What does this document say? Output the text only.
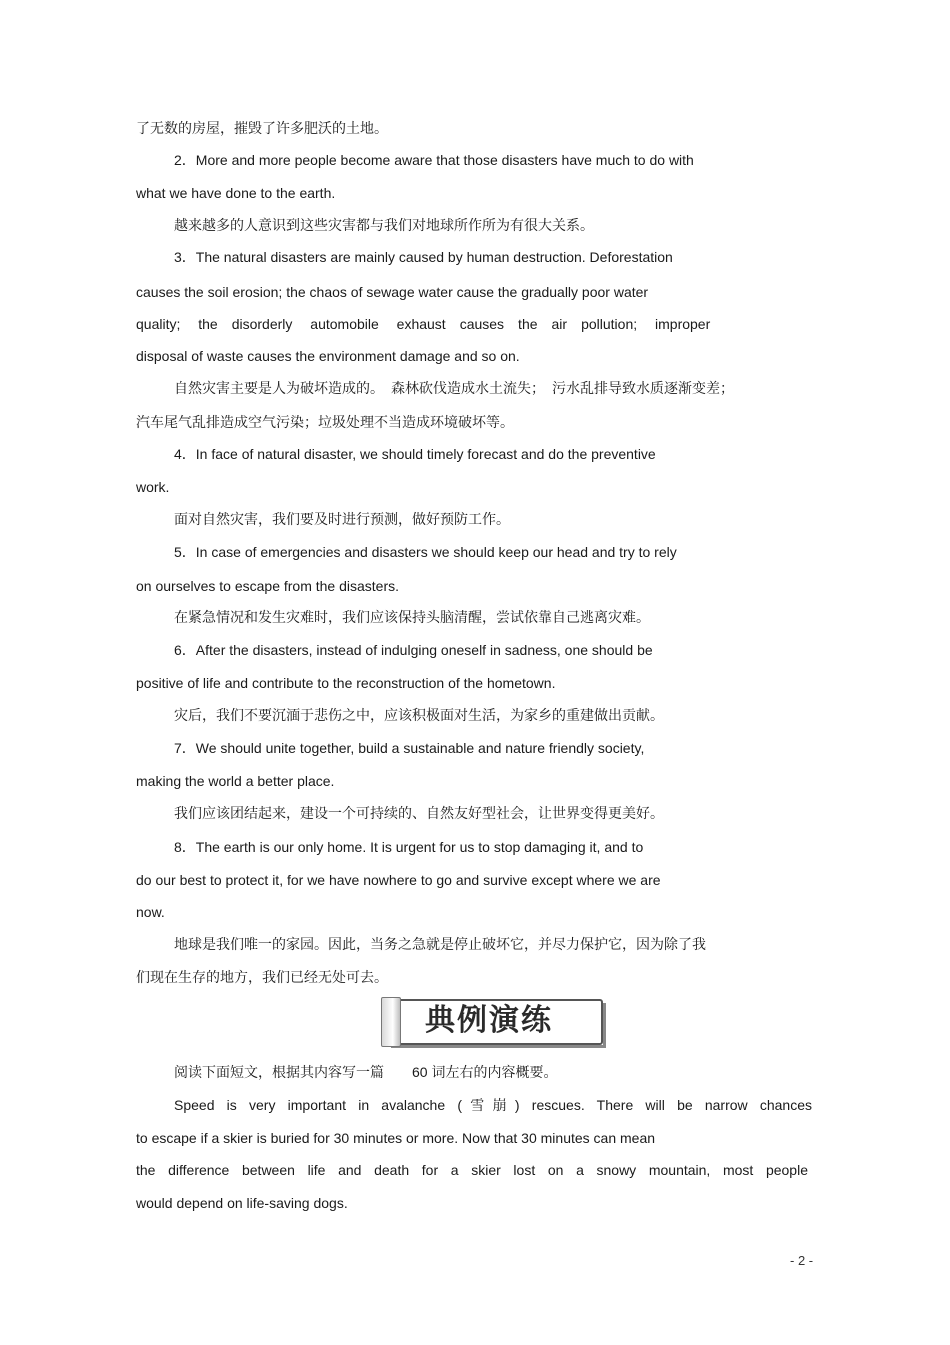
了无数的房屋，摧毁了许多肥沃的土地。
2．More and more people become aware that those disasters have much to do with
what we have done to the earth.
越来越多的人意识到这些灾害都与我们对地球所作所为有很大关系。
3．The natural disasters are mainly caused by human destruction. Deforestation
causes the soil erosion; the chaos of sewage water cause the gradually poor water
quality;　 the　disorderly　 automobile　 exhaust　causes　the　air　pollution;　 improper
disposal of waste causes the environment damage and so on.
自然灾害主要是人为破坏造成的。　森林砍伐造成水土流失；　污水乱排导致水质逐渐变差；
汽车尾气乱排造成空气污染；垃圾处理不当造成环境破坏等。
4．In face of natural disaster, we should timely forecast and do the preventive
work.
面对自然灾害，我们要及时进行预测，做好预防工作。
5．In case of emergencies and disasters we should keep our head and try to rely
on ourselves to escape from the disasters.
在紧急情况和发生灾难时，我们应该保持头脑清醒，尝试依靠自己逃离灾难。
6．After the disasters, instead of indulging oneself in sadness, one should be
positive of life and contribute to the reconstruction of the hometown.
灾后，我们不要沉湎于悲伤之中，应该积极面对生活，为家乡的重建做出贡献。
7．We should unite together, build a sustainable and nature friendly society,
making the world a better place.
我们应该团结起来，建设一个可持续的、自然友好型社会，让世界变得更美好。
8．The earth is our only home. It is urgent for us to stop damaging it, and to
do our best to protect it, for we have nowhere to go and survive except where we are
now.
地球是我们唯一的家园。因此，当务之急就是停止破坏它，并尽力保护它，因为除了我
们现在生存的地方，我们已经无处可去。
典例演练
阅读下面短文，根据其内容写一篇　　60 词左右的内容概要。
Speed is very important in avalanche (雪崩) rescues. There will be narrow chances
to escape if a skier is buried for 30 minutes or more. Now that 30 minutes can mean
the difference between life and death for a skier lost on a snowy mountain, most people
would depend on life-saving dogs.
- 2 -
